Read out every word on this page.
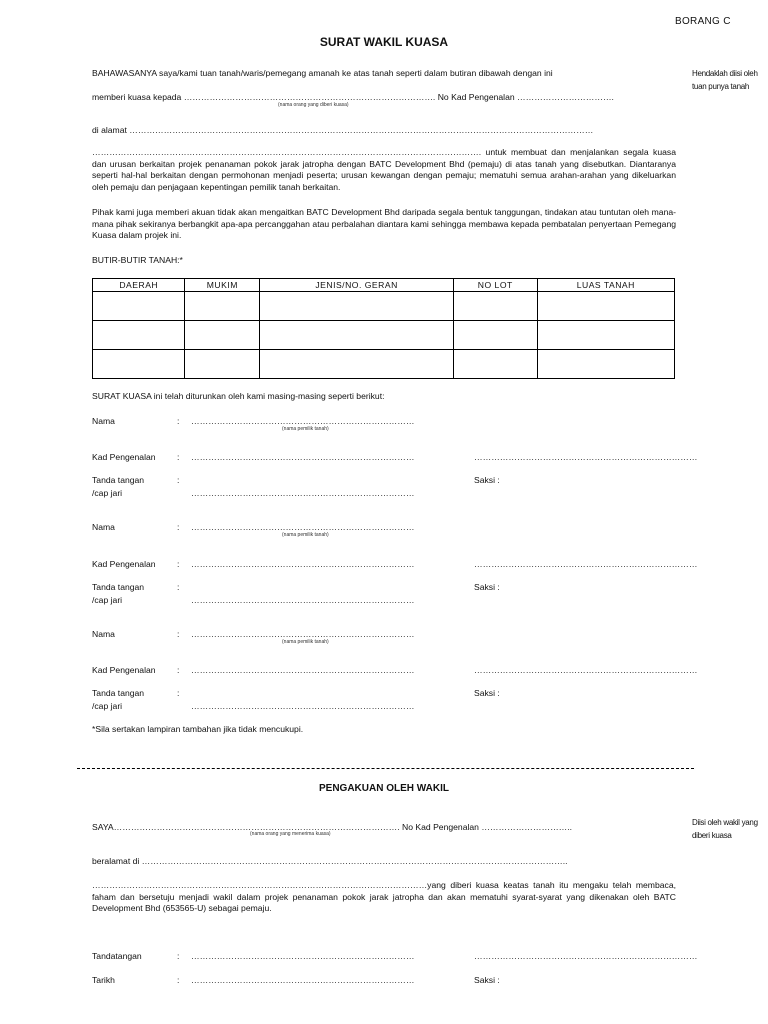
BORANG C
SURAT WAKIL KUASA
Hendaklah diisi oleh tuan punya tanah
Diisi oleh wakil yang diberi kuasa
BAHAWASANYA saya/kami tuan tanah/waris/pemegang amanah ke atas tanah seperti dalam butiran dibawah dengan ini
memberi kuasa kepada ……………………………………………………………………………. No Kad Pengenalan …………………………….
(nama orang yang diberi kuasa)
di alamat ………………………………………………………………………………………………………………………………………………
………………………………………………………………………………………………………………………. untuk membuat dan menjalankan segala kuasa dan urusan berkaitan projek penanaman pokok jarak jatropha dengan BATC Development Bhd (pemaju) di atas tanah yang disebutkan. Diantaranya seperti hal-hal berkaitan dengan permohonan menjadi peserta; urusan kewangan dengan pemaju; mematuhi semua arahan-arahan yang dikeluarkan oleh pemaju dan penjagaan kepentingan pemilik tanah berkaitan.
Pihak kami juga memberi akuan tidak akan mengaitkan BATC Development Bhd daripada segala bentuk tanggungan, tindakan atau tuntutan oleh mana-mana pihak sekiranya berbangkit apa-apa percanggahan atau perbalahan diantara kami sehingga membawa kepada pembatalan penyertaan Pemegang Kuasa dalam projek ini.
BUTIR-BUTIR TANAH:*
DAERAH	MUKIM	JENIS/NO. GERAN	NO LOT	LUAS TANAH

SURAT KUASA ini telah diturunkan oleh kami masing-masing seperti berikut:
Nama	: ……………………………………………………………………
(nama pemilik tanah)
Kad Pengenalan : ……………………………………………………………………	……………………………………………………………………
Tanda tangan
/cap jari
:	Saksi :
……………………………………………………………………
Nama	: ……………………………………………………………………
(nama pemilik tanah)
Kad Pengenalan : ……………………………………………………………………	……………………………………………………………………
Tanda tangan
/cap jari
:	Saksi :
……………………………………………………………………
Nama	: ……………………………………………………………………
(nama pemilik tanah)
Kad Pengenalan : ……………………………………………………………………	……………………………………………………………………
Tanda tangan
/cap jari
:	Saksi :
……………………………………………………………………
*Sila sertakan lampiran tambahan jika tidak mencukupi.
PENGAKUAN OLEH WAKIL
SAYA………………………………………………………………………………………. No Kad Pengenalan …………………………..
(nama orang yang menerima kuasa)
beralamat di …………………………………………………………………………………………………………………………………..
………………………………………………………………………………………………………yang diberi kuasa keatas tanah itu mengaku telah membaca, faham dan bersetuju menjadi wakil dalam projek penanaman pokok jarak jatropha dan akan mematuhi syarat-syarat yang dikenakan oleh BATC Development Bhd (653565-U) sebagai pemaju.
Tandatangan	: ……………………………………………………………………	……………………………………………………………………
Tarikh	: ……………………………………………………………………	Saksi :
